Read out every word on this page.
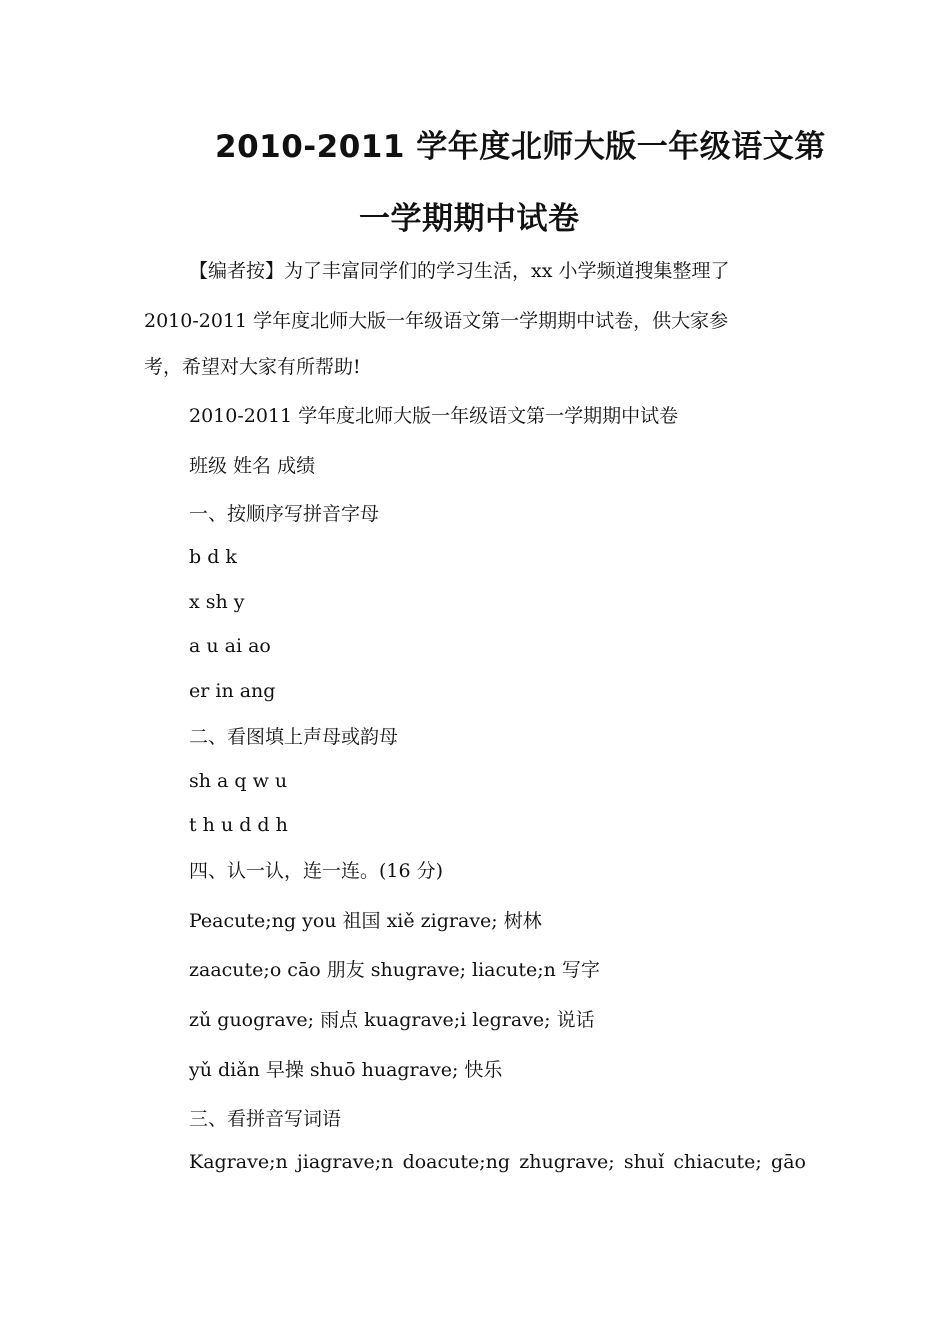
2010-2011 学年度北师大版一年级语文第
一学期期中试卷
【编者按】为了丰富同学们的学习生活，xx 小学频道搜集整理了
2010-2011 学年度北师大版一年级语文第一学期期中试卷，供大家参
考，希望对大家有所帮助!
2010-2011 学年度北师大版一年级语文第一学期期中试卷
班级 姓名 成绩
一、按顺序写拼音字母
b d k
x sh y
a u ai ao
er in ang
二、看图填上声母或韵母
sh a q w u
t h u d d h
四、认一认，连一连。(16 分)
Peacute;ng you 祖国 xiě zigrave; 树林
zaacute;o cāo 朋友 shugrave; liacute;n 写字
zǔ guograve; 雨点 kuagrave;i legrave; 说话
yǔ diǎn 早操 shuō huagrave; 快乐
三、看拼音写词语
Kagrave;n jiagrave;n doacute;ng zhugrave; shuǐ chiacute; gāo
